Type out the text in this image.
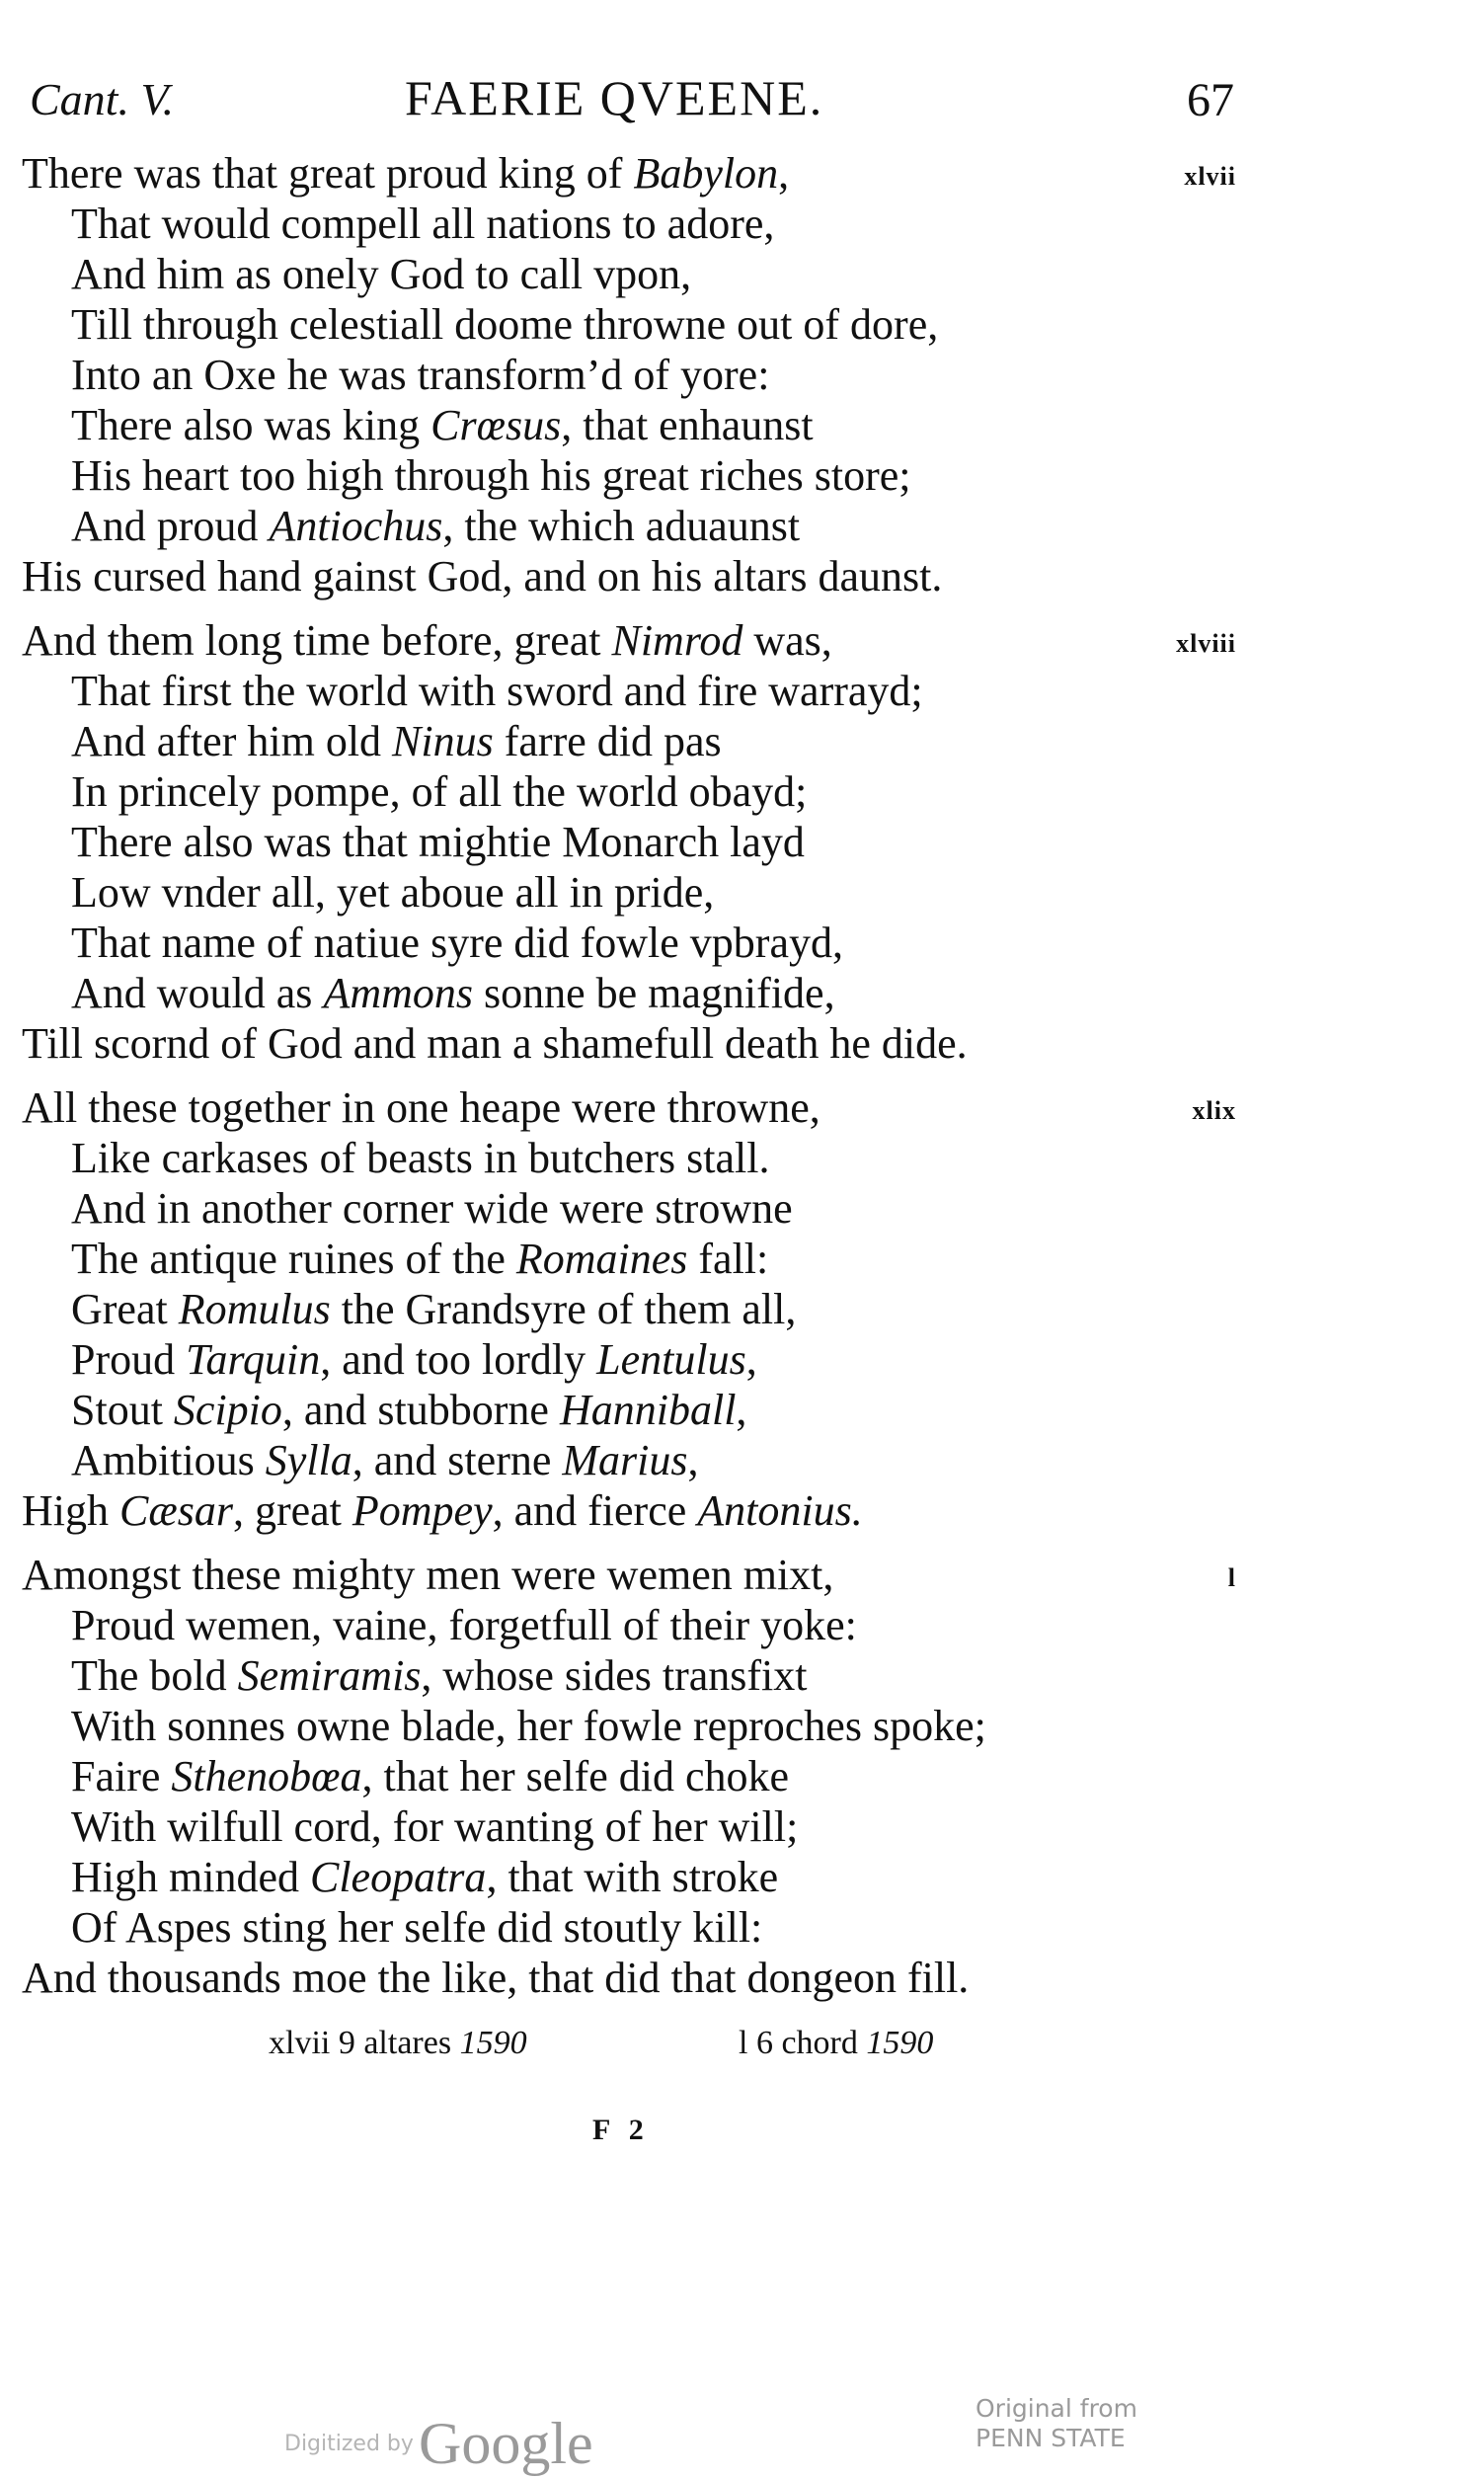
Cant. V.	FAERIE QVEENE.	67
xlvii
There was that great proud king of Babylon,
That would compell all nations to adore,
And him as onely God to call vpon,
Till through celestiall doome throwne out of dore,
Into an Oxe he was transform’d of yore:
There also was king Crœsus, that enhaunst
His heart too high through his great riches store;
And proud Antiochus, the which aduaunst
His cursed hand gainst God, and on his altars daunst.
xlviii
And them long time before, great Nimrod was,
That first the world with sword and fire warrayd;
And after him old Ninus farre did pas
In princely pompe, of all the world obayd;
There also was that mightie Monarch layd
Low vnder all, yet aboue all in pride,
That name of natiue syre did fowle vpbrayd,
And would as Ammons sonne be magnifide,
Till scornd of God and man a shamefull death he dide.
xlix
All these together in one heape were throwne,
Like carkases of beasts in butchers stall.
And in another corner wide were strowne
The antique ruines of the Romaines fall:
Great Romulus the Grandsyre of them all,
Proud Tarquin, and too lordly Lentulus,
Stout Scipio, and stubborne Hanniball,
Ambitious Sylla, and sterne Marius,
High Cæsar, great Pompey, and fierce Antonius.
l
Amongst these mighty men were wemen mixt,
Proud wemen, vaine, forgetfull of their yoke:
The bold Semiramis, whose sides transfixt
With sonnes owne blade, her fowle reproches spoke;
Faire Sthenobœa, that her selfe did choke
With wilfull cord, for wanting of her will;
High minded Cleopatra, that with stroke
Of Aspes sting her selfe did stoutly kill:
And thousands moe the like, that did that dongeon fill.
xlvii 9 altares 1590	l 6 chord 1590
F 2
Digitized by Google
Original from
PENN STATE
